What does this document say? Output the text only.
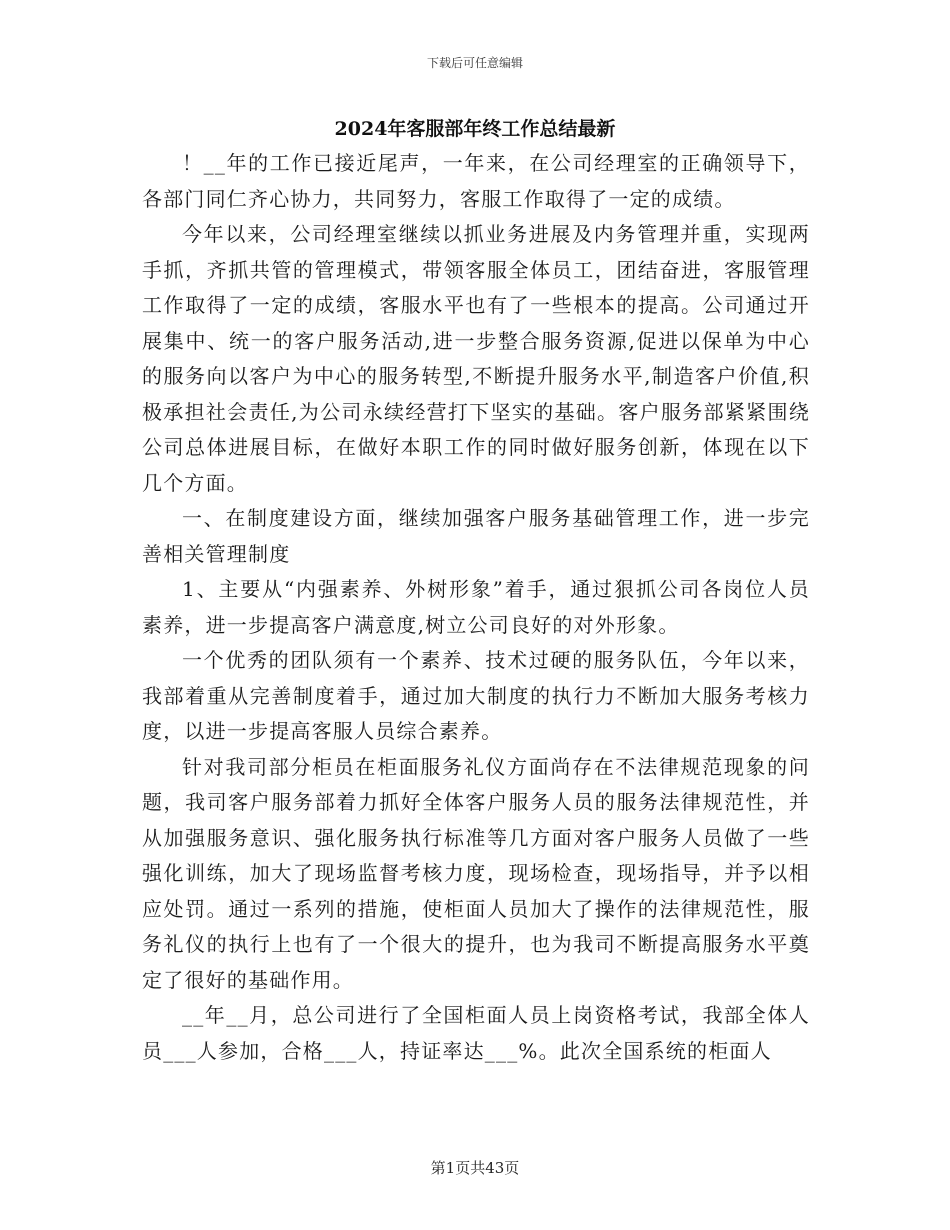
下载后可任意编辑
2024年客服部年终工作总结最新

！__年的工作已接近尾声，一年来，在公司经理室的正确领导下，各部门同仁齐心协力，共同努力，客服工作取得了一定的成绩。

今年以来，公司经理室继续以抓业务进展及内务管理并重，实现两手抓，齐抓共管的管理模式，带领客服全体员工，团结奋进，客服管理工作取得了一定的成绩，客服水平也有了一些根本的提高。公司通过开展集中、统一的客户服务活动,进一步整合服务资源,促进以保单为中心的服务向以客户为中心的服务转型,不断提升服务水平,制造客户价值,积极承担社会责任,为公司永续经营打下坚实的基础。客户服务部紧紧围绕公司总体进展目标，在做好本职工作的同时做好服务创新，体现在以下几个方面。

一、在制度建设方面，继续加强客户服务基础管理工作，进一步完善相关管理制度

1、主要从“内强素养、外树形象”着手，通过狠抓公司各岗位人员素养，进一步提高客户满意度,树立公司良好的对外形象。

一个优秀的团队须有一个素养、技术过硬的服务队伍，今年以来，我部着重从完善制度着手，通过加大制度的执行力不断加大服务考核力度，以进一步提高客服人员综合素养。

针对我司部分柜员在柜面服务礼仪方面尚存在不法律规范现象的问题，我司客户服务部着力抓好全体客户服务人员的服务法律规范性，并从加强服务意识、强化服务执行标准等几方面对客户服务人员做了一些强化训练，加大了现场监督考核力度，现场检查，现场指导，并予以相应处罚。通过一系列的措施，使柜面人员加大了操作的法律规范性，服务礼仪的执行上也有了一个很大的提升，也为我司不断提高服务水平奠定了很好的基础作用。

__年__月，总公司进行了全国柜面人员上岗资格考试，我部全体人员___人参加，合格___人，持证率达___%。此次全国系统的柜面人

第1页共43页
